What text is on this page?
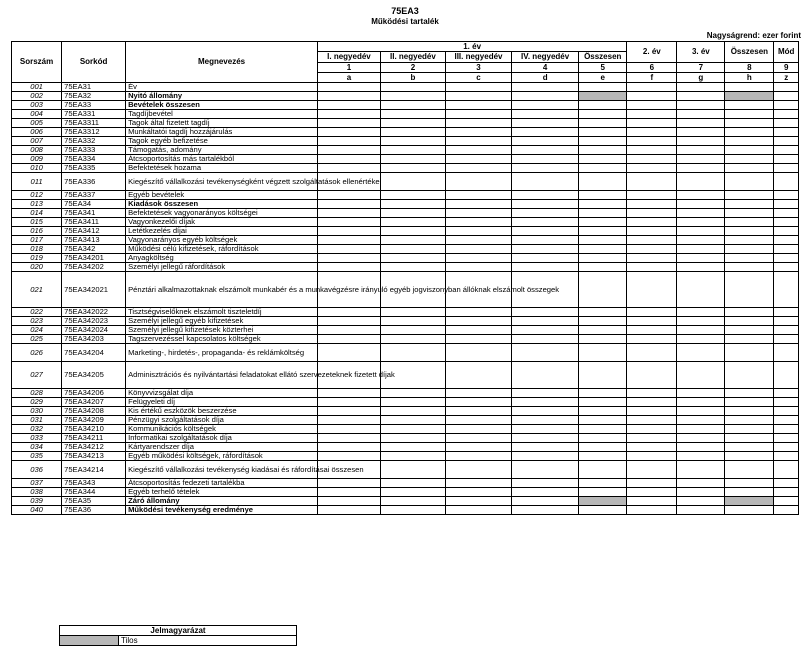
75EA3
Működési tartalék
Nagyságrend: ezer forint
Sorszám	Sorkód	Megnevezés	1. év					2. év	3. év	Összesen	Mód
			I. negyedév	II. negyedév	III. negyedév	IV. negyedév	Összesen				
			1	2	3	4	5	6	7	8	9
			a	b	c	d	e	f	g	h	z
001	75EA31	Év									
002	75EA32	Nyitó állomány									
003	75EA33	Bevételek összesen									
004	75EA331	Tagdíjbevétel									
005	75EA3311	Tagok által fizetett tagdíj									
006	75EA3312	Munkáltatói tagdíj hozzájárulás									
007	75EA332	Tagok egyéb befizetése									
008	75EA333	Támogatás, adomány									
009	75EA334	Átcsoportosítás más tartalékból									
010	75EA335	Befektetések hozama									
011	75EA336	Kiegészítő vállalkozási tevékenységként végzett szolgáltatások ellenértéke									
012	75EA337	Egyéb bevételek									
013	75EA34	Kiadások összesen									
014	75EA341	Befektetések vagyonarányos költségei									
015	75EA3411	Vagyonkezelői díjak									
016	75EA3412	Letétkezelés díjai									
017	75EA3413	Vagyonarányos egyéb költségek									
018	75EA342	Működési célú kifizetések, ráfordítások									
019	75EA34201	Anyagköltség									
020	75EA34202	Személyi jellegű ráfordítások									
021	75EA342021	Pénztári alkalmazottaknak elszámolt munkabér és a munkavégzésre irányuló egyéb jogviszonyban állóknak elszámolt összegek									
022	75EA342022	Tisztségviselőknek elszámolt tiszteletdíj									
023	75EA342023	Személyi jellegű egyéb kifizetések									
024	75EA342024	Személyi jellegű kifizetések közterhei									
025	75EA34203	Tagszervezéssel kapcsolatos költségek									
026	75EA34204	Marketing-, hirdetés-, propaganda- és reklámköltség									
027	75EA34205	Adminisztrációs és nyilvántartási feladatokat ellátó szervezeteknek fizetett díjak									
028	75EA34206	Könyvvizsgálat díja									
029	75EA34207	Felügyeleti díj									
030	75EA34208	Kis értékű eszközök beszerzése									
031	75EA34209	Pénzügyi szolgáltatások díja									
032	75EA34210	Kommunikációs költségek									
033	75EA34211	Informatikai szolgáltatások díja									
034	75EA34212	Kártyarendszer díja									
035	75EA34213	Egyéb működési költségek, ráfordítások									
036	75EA34214	Kiegészítő vállalkozási tevékenység kiadásai és ráfordításai összesen									
037	75EA343	Átcsoportosítás fedezeti tartalékba									
038	75EA344	Egyéb terhelő tételek									
039	75EA35	Záró állomány									
040	75EA36	Működési tevékenység eredménye									
Jelmagyarázat
	Tilos
